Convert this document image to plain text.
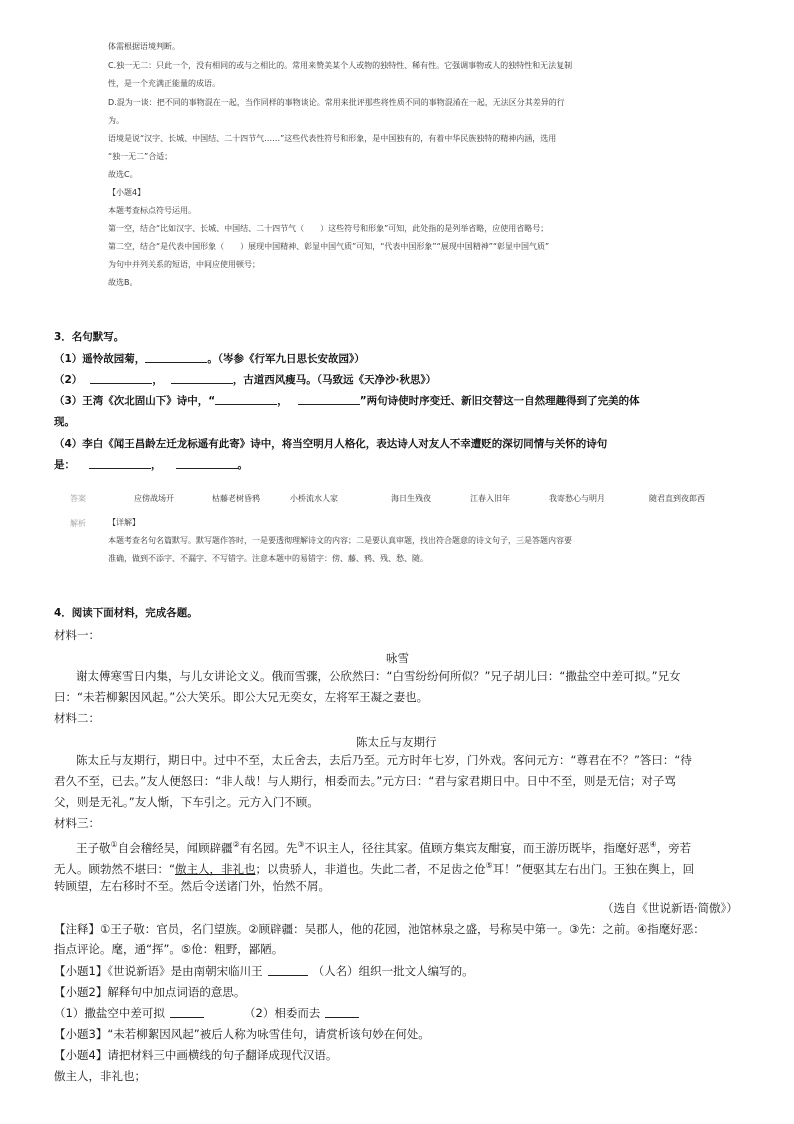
体需根据语境判断。
C.独一无二：只此一个，没有相同的或与之相比的。常用来赞美某个人或物的独特性、稀有性。它强调事物或人的独特性和无法复制
性，是一个充满正能量的成语。
D.混为一谈：把不同的事物混在一起，当作同样的事物谈论。常用来批评那些将性质不同的事物混淆在一起，无法区分其差异的行
为。
语境是说“汉字、长城、中国结、二十四节气……”这些代表性符号和形象，是中国独有的，有着中华民族独特的精神内涵，选用
“独一无二”合适；
故选C。
【小题4】
本题考查标点符号运用。
第一空，结合“比如汉字、长城、中国结、二十四节气（　　）这些符号和形象”可知，此处指的是列举省略，应使用省略号；
第二空，结合“是代表中国形象（　　）展现中国精神、彰显中国气质”可知，“代表中国形象”“展现中国精神”“彰显中国气质”
为句中并列关系的短语，中间应使用顿号；
故选B。
3．名句默写。
（1）遥怜故园菊，	。（岑参《行军九日思长安故园》）
（2）	，	，古道西风瘦马。（马致远《天净沙·秋思》）
（3）王湾《次北固山下》诗中，“	，	”两句诗使时序变迁、新旧交替这一自然理趣得到了完美的体
现。
（4）李白《闻王昌龄左迁龙标遥有此寄》诗中，将当空明月人格化，表达诗人对友人不幸遭贬的深切同情与关怀的诗句
是：	，	。
答案	应傍战场开	枯藤老树昏鸦	小桥流水人家	海日生残夜	江春入旧年	我寄愁心与明月	随君直到夜郎西
解析	【详解】
本题考查名句名篇默写。默写题作答时，一是要透彻理解诗文的内容；二是要认真审题，找出符合题意的诗文句子，三是答题内容要
准确，做到不添字、不漏字、不写错字。注意本题中的易错字：傍、藤、鸦、残、愁、随。
4．阅读下面材料，完成各题。
材料一：
咏雪
谢太傅寒雪日内集，与儿女讲论文义。俄而雪骤，公欣然曰：“白雪纷纷何所似？”兄子胡儿曰：“撒盐空中差可拟。”兄女
曰：“未若柳絮因风起。”公大笑乐。即公大兄无奕女，左将军王凝之妻也。
材料二：
陈太丘与友期行
陈太丘与友期行，期日中。过中不至，太丘舍去，去后乃至。元方时年七岁，门外戏。客问元方：“尊君在不？”答曰：“待
君久不至，已去。”友人便怒曰：“非人哉！与人期行，相委而去。”元方曰：“君与家君期日中。日中不至，则是无信；对子骂
父，则是无礼。”友人惭，下车引之。元方入门不顾。
材料三：
王子敬①自会稽经吴，闻顾辟疆②有名园。先③不识主人，径往其家。值顾方集宾友酣宴，而王游历既毕，指麾好恶④，旁若
无人。顾勃然不堪曰：“傲主人，非礼也；以贵骄人，非道也。失此二者，不足齿之伧⑤耳！”便驱其左右出门。王独在舆上，回
转顾望，左右移时不至。然后令送诸门外，怡然不屑。
（选自《世说新语·简傲》）
【注释】①王子敬：官员，名门望族。②顾辟疆：吴郡人，他的花园，池馆林泉之盛，号称吴中第一。③先：之前。④指麾好恶：
指点评论。麾，通“挥”。⑤伧：粗野，鄙陋。
【小题1】《世说新语》是由南朝宋临川王	（人名）组织一批文人编写的。
【小题2】解释句中加点词语的意思。
（1）撒盐空中差可拟	（2）相委而去
【小题3】“未若柳絮因风起”被后人称为咏雪佳句，请赏析该句妙在何处。
【小题4】请把材料三中画横线的句子翻译成现代汉语。
傲主人，非礼也；
